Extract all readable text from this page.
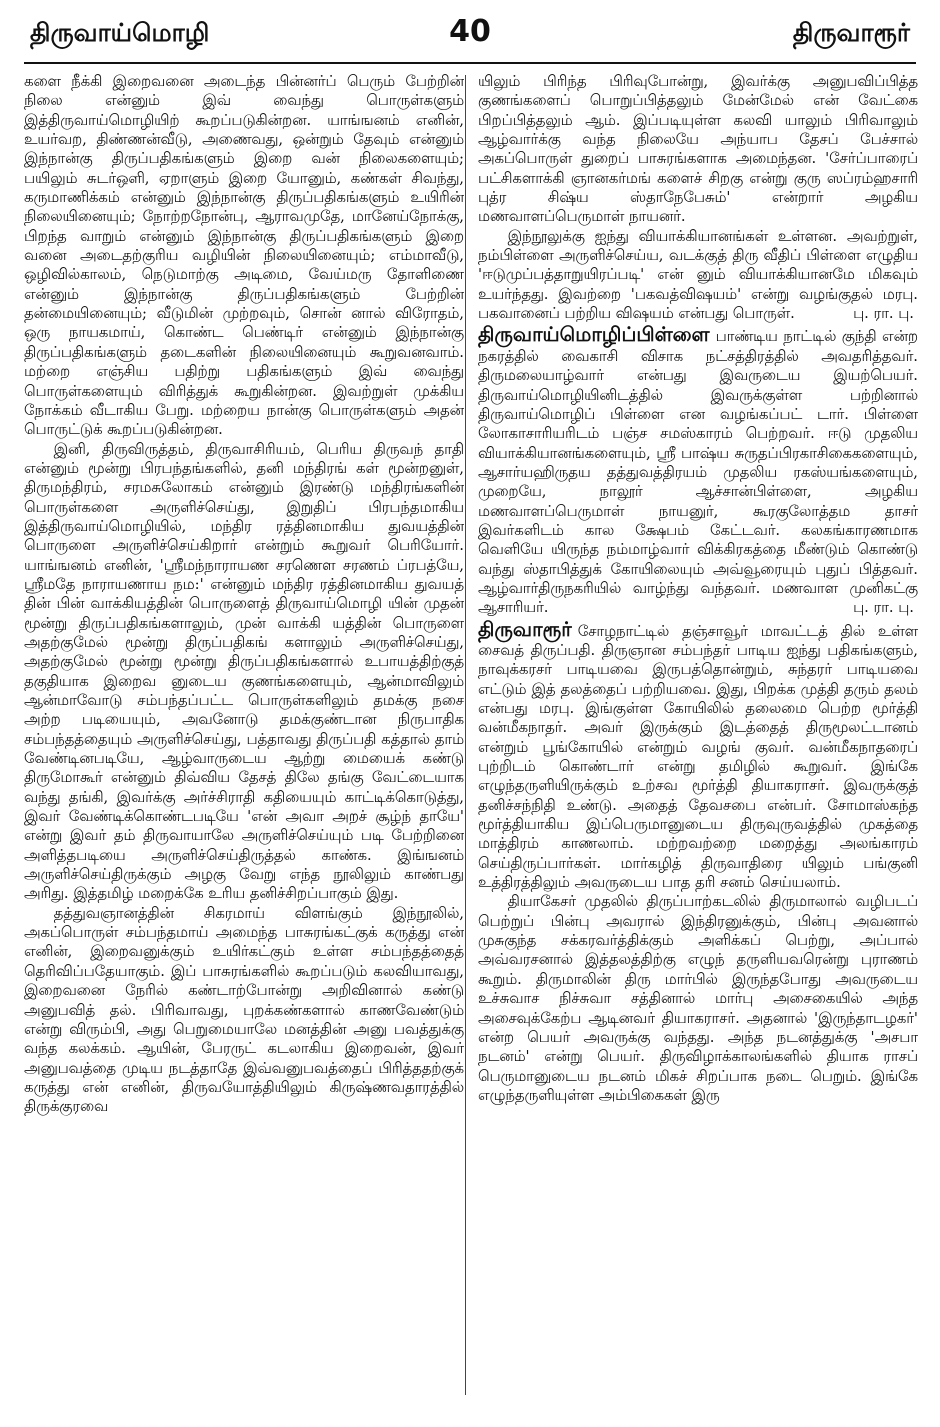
திருவாய்மொழி	40	திருவாரூர்

களை நீக்கி இறைவனை அடைந்த பின்னர்ப் பெரும் பேற்றின் நிலை என்னும் இவ் வைந்து பொருள்களும் இத்திருவாய்மொழியிற் கூறப்படுகின்றன. யாங்ஙனம் எனின், உயர்வற, திண்ணன்வீடு, அணைவது, ஒன்றும் தேவும் என்னும் இந்நான்கு திருப்பதிகங்களும் இறை வன் நிலைகளையும்; பயிலும் சுடர்ஒளி, ஏறாளும் இறை யோனும், கண்கள் சிவந்து, கருமாணிக்கம் என்னும் இந்நான்கு திருப்பதிகங்களும் உயிரின் நிலையினையும்; நோற்றநோன்பு, ஆராவமுதே, மானேய்நோக்கு, பிறந்த வாறும் என்னும் இந்நான்கு திருப்பதிகங்களும் இறை வனை அடைதற்குரிய வழியின் நிலையினையும்; எம்மாவீடு, ஒழிவில்காலம், நெடுமாற்கு அடிமை, வேய்மரு தோளிணை என்னும் இந்நான்கு திருப்பதிகங்களும் பேற்றின் தன்மையினையும்; வீடுமின் முற்றவும், சொன் னால் விரோதம், ஒரு நாயகமாய், கொண்ட பெண்டிர் என்னும் இந்நான்கு திருப்பதிகங்களும் தடைகளின் நிலையினையும் கூறுவனவாம். மற்றை எஞ்சிய பதிற்று பதிகங்களும் இவ் வைந்து பொருள்களையும் விரித்துக் கூறுகின்றன. இவற்றுள் முக்கிய நோக்கம் வீடாகிய பேறு. மற்றைய நான்கு பொருள்களும் அதன் பொருட்டுக் கூறப்படுகின்றன.

இனி, திருவிருத்தம், திருவாசிரியம், பெரிய திருவந் தாதி என்னும் மூன்று பிரபந்தங்களில், தனி மந்திரங் கள் மூன்றனுள், திருமந்திரம், சரமசுலோகம் என்னும் இரண்டு மந்திரங்களின் பொருள்களை அருளிச்செய்து, இறுதிப் பிரபந்தமாகிய இத்திருவாய்மொழியில், மந்திர ரத்தினமாகிய துவயத்தின் பொருளை அருளிச்செய்கிறார் என்றும் கூறுவர் பெரியோர். யாங்ஙனம் எனின், 'ஸ்ரீமந்நாராயண சரணௌ சரணம் ப்ரபத்யே, ஸ்ரீமதே நாராயணாய நம:' என்னும் மந்திர ரத்தினமாகிய துவயத் தின் பின் வாக்கியத்தின் பொருளைத் திருவாய்மொழி யின் முதன் மூன்று திருப்பதிகங்களாலும், முன் வாக்கி யத்தின் பொருளை அதற்குமேல் மூன்று திருப்பதிகங் களாலும் அருளிச்செய்து, அதற்குமேல் மூன்று மூன்று திருப்பதிகங்களால் உபாயத்திற்குத் தகுதியாக இறைவ னுடைய குணங்களையும், ஆன்மாவிலும் ஆன்மாவோடு சம்பந்தப்பட்ட பொருள்களிலும் தமக்கு நசை அற்ற படியையும், அவனோடு தமக்குண்டான நிருபாதிக சம்பந்தத்தையும் அருளிச்செய்து, பத்தாவது திருப்பதி கத்தால் தாம் வேண்டினபடியே, ஆழ்வாருடைய ஆற்று மையைக் கண்டு திருமோகூர் என்னும் திவ்விய தேசத் திலே தங்கு வேட்டையாக வந்து தங்கி, இவர்க்கு அர்ச்சிராதி கதியையும் காட்டிக்கொடுத்து, இவர் வேண்டிக்கொண்டபடியே 'என் அவா அறச் சூழ்ந் தாயே' என்று இவர் தம் திருவாயாலே அருளிச்செய்யும் படி பேற்றினை அளித்தபடியை அருளிச்செய்திருத்தல் காண்க. இங்ஙனம் அருளிச்செய்திருக்கும் அழகு வேறு எந்த நூலிலும் காண்பது அரிது. இத்தமிழ் மறைக்கே உரிய தனிச்சிறப்பாகும் இது.

தத்துவஞானத்தின் சிகரமாய் விளங்கும் இந்நூலில், அகப்பொருள் சம்பந்தமாய் அமைந்த பாசுரங்கட்குக் கருத்து என் எனின், இறைவனுக்கும் உயிர்கட்கும் உள்ள சம்பந்தத்தைத் தெரிவிப்பதேயாகும். இப் பாசுரங்களில் கூறப்படும் கலவியாவது, இறைவனை நேரில் கண்டாற்போன்று அறிவினால் கண்டு அனுபவித் தல். பிரிவாவது, புறக்கண்களால் காணவேண்டும் என்று விரும்பி, அது பெறுமையாலே மனத்தின் அனு பவத்துக்கு வந்த கலக்கம். ஆயின், பேரருட் கடலாகிய இறைவன், இவர் அனுபவத்தை முடிய நடத்தாதே இவ்வனுபவத்தைப் பிரித்ததற்குக் கருத்து என் எனின், திருவயோத்தியிலும் கிருஷ்ணவதாரத்தில் திருக்குரவை

யிலும் பிரிந்த பிரிவுபோன்று, இவர்க்கு அனுபவிப்பித்த குணங்களைப் பொறுப்பித்தலும் மேன்மேல் என் வேட்கை பிறப்பித்தலும் ஆம். இப்படியுள்ள கலவி யாலும் பிரிவாலும் ஆழ்வார்க்கு வந்த நிலையே அந்யாப தேசப் பேச்சால் அகப்பொருள் துறைப் பாசுரங்களாக அமைந்தன. 'சேர்ப்பாரைப் பட்சிகளாக்கி ஞானகர்மங் களைச் சிறகு என்று குரு ஸப்ரம்ஹசாரி புத்ர சிஷ்ய ஸ்தாநேபேசும்' என்றார் அழகிய மணவாளப்பெருமாள் நாயனர்.

இந்நூலுக்கு ஐந்து வியாக்கியானங்கள் உள்ளன. அவற்றுள், நம்பிள்ளை அருளிச்செய்ய, வடக்குத் திரு வீதிப் பிள்ளை எழுதிய 'ஈடுமுப்பத்தாறுயிரப்படி' என் னும் வியாக்கியானமே மிகவும் உயர்ந்தது. இவற்றை 'பகவத்விஷயம்' என்று வழங்குதல் மரபு. பகவானைப் பற்றிய விஷயம் என்பது பொருள்.	பு. ரா. பு.

திருவாய்மொழிப்பிள்ளை பாண்டிய நாட்டில் குந்தி என்ற நகரத்தில் வைகாசி விசாக நட்சத்திரத்தில் அவதரித்தவர். திருமலையாழ்வார் என்பது இவருடைய இயற்பெயர். திருவாய்மொழியினிடத்தில் இவருக்குள்ள பற்றினால் திருவாய்மொழிப் பிள்ளை என வழங்கப்பட் டார். பிள்ளை லோகாசாரியரிடம் பஞ்ச சமஸ்காரம் பெற்றவர். ஈடு முதலிய வியாக்கியானங்களையும், ஸ்ரீ பாஷ்ய சுருதப்பிரகாசிகைகளையும், ஆசார்யஹிருதய தத்துவத்திரயம் முதலிய ரகஸ்யங்களையும், முறையே, நாலூர் ஆச்சான்பிள்ளை, அழகிய மணவாளப்பெருமாள் நாயனுர், கூரகுலோத்தம தாசர் இவர்களிடம் கால க்ஷேபம் கேட்டவர். கலகங்காரணமாக வெளியே யிருந்த நம்மாழ்வார் விக்கிரகத்தை மீண்டும் கொண்டு வந்து ஸ்தாபித்துக் கோயிலையும் அவ்வூரையும் புதுப் பித்தவர். ஆழ்வார்திருநகரியில் வாழ்ந்து வந்தவர். மணவாள முனிகட்கு ஆசாரியர்.	பு. ரா. பு.

திருவாரூர் சோழநாட்டில் தஞ்சாவூர் மாவட்டத் தில் உள்ள சைவத் திருப்பதி. திருஞான சம்பந்தர் பாடிய ஐந்து பதிகங்களும், நாவுக்கரசர் பாடியவை இருபத்தொன்றும், சுந்தரர் பாடியவை எட்டும் இத் தலத்தைப் பற்றியவை. இது, பிறக்க முத்தி தரும் தலம் என்பது மரபு. இங்குள்ள கோயிலில் தலைமை பெற்ற மூர்த்தி வன்மீகநாதர். அவர் இருக்கும் இடத்தைத் திருமூலட்டானம் என்றும் பூங்கோயில் என்றும் வழங் குவர். வன்மீகநாதரைப் புற்றிடம் கொண்டார் என்று தமிழில் கூறுவர். இங்கே எழுந்தருளியிருக்கும் உற்சவ மூர்த்தி தியாகராசர். இவருக்குத் தனிச்சந்நிதி உண்டு. அதைத் தேவசபை என்பர். சோமாஸ்கந்த மூர்த்தியாகிய இப்பெருமானுடைய திருவுருவத்தில் முகத்தை மாத்திரம் காணலாம். மற்றவற்றை மறைத்து அலங்காரம் செய்திருப்பார்கள். மார்கழித் திருவாதிரை யிலும் பங்குனி உத்திரத்திலும் அவருடைய பாத தரி சனம் செய்யலாம்.

தியாகேசர் முதலில் திருப்பாற்கடலில் திருமாலால் வழிபடப் பெற்றுப் பின்பு அவரால் இந்திரனுக்கும், பின்பு அவனால் முசுகுந்த சக்கரவர்த்திக்கும் அளிக்கப் பெற்று, அப்பால் அவ்வரசனால் இத்தலத்திற்கு எழுந் தருளியவரென்று புராணம் கூறும். திருமாலின் திரு மார்பில் இருந்தபோது அவருடைய உச்சுவாச நிச்சுவா சத்தினால் மார்பு அசைகையில் அந்த அசைவுக்கேற்ப ஆடினவர் தியாகராசர். அதனால் 'இருந்தாடழகர்' என்ற பெயர் அவருக்கு வந்தது. அந்த நடனத்துக்கு 'அசபா நடனம்' என்று பெயர். திருவிழாக்காலங்களில் தியாக ராசப் பெருமானுடைய நடனம் மிகச் சிறப்பாக நடை பெறும். இங்கே எழுந்தருளியுள்ள அம்பிகைகள் இரு
